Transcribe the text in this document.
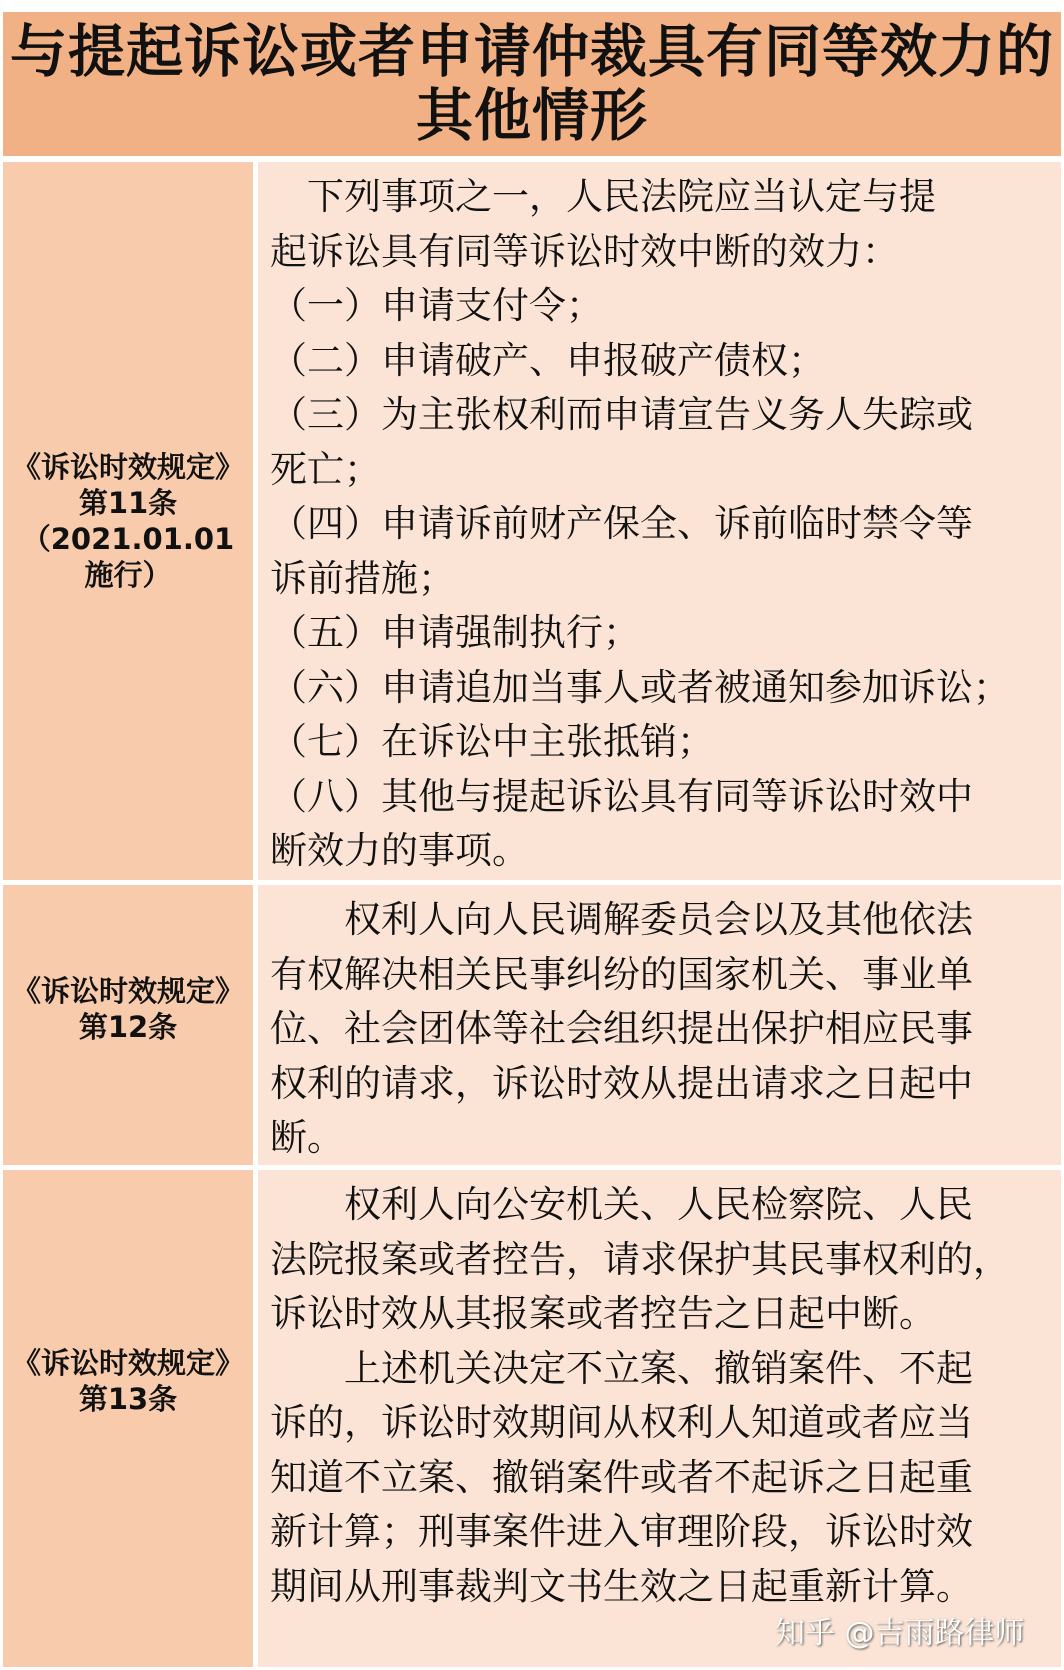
与提起诉讼或者申请仲裁具有同等效力的
其他情形
《诉讼时效规定》
第11条
（2021.01.01
施行）
　下列事项之一，人民法院应当认定与提
起诉讼具有同等诉讼时效中断的效力：
（一）申请支付令；
（二）申请破产、申报破产债权；
（三）为主张权利而申请宣告义务人失踪或
死亡；
（四）申请诉前财产保全、诉前临时禁令等
诉前措施；
（五）申请强制执行；
（六）申请追加当事人或者被通知参加诉讼；
（七）在诉讼中主张抵销；
（八）其他与提起诉讼具有同等诉讼时效中
断效力的事项。
《诉讼时效规定》
第12条
　　权利人向人民调解委员会以及其他依法
有权解决相关民事纠纷的国家机关、事业单
位、社会团体等社会组织提出保护相应民事
权利的请求，诉讼时效从提出请求之日起中
断。
《诉讼时效规定》
第13条
　　权利人向公安机关、人民检察院、人民
法院报案或者控告，请求保护其民事权利的，
诉讼时效从其报案或者控告之日起中断。
　　上述机关决定不立案、撤销案件、不起
诉的，诉讼时效期间从权利人知道或者应当
知道不立案、撤销案件或者不起诉之日起重
新计算；刑事案件进入审理阶段，诉讼时效
期间从刑事裁判文书生效之日起重新计算。
知乎 @吉雨路律师
